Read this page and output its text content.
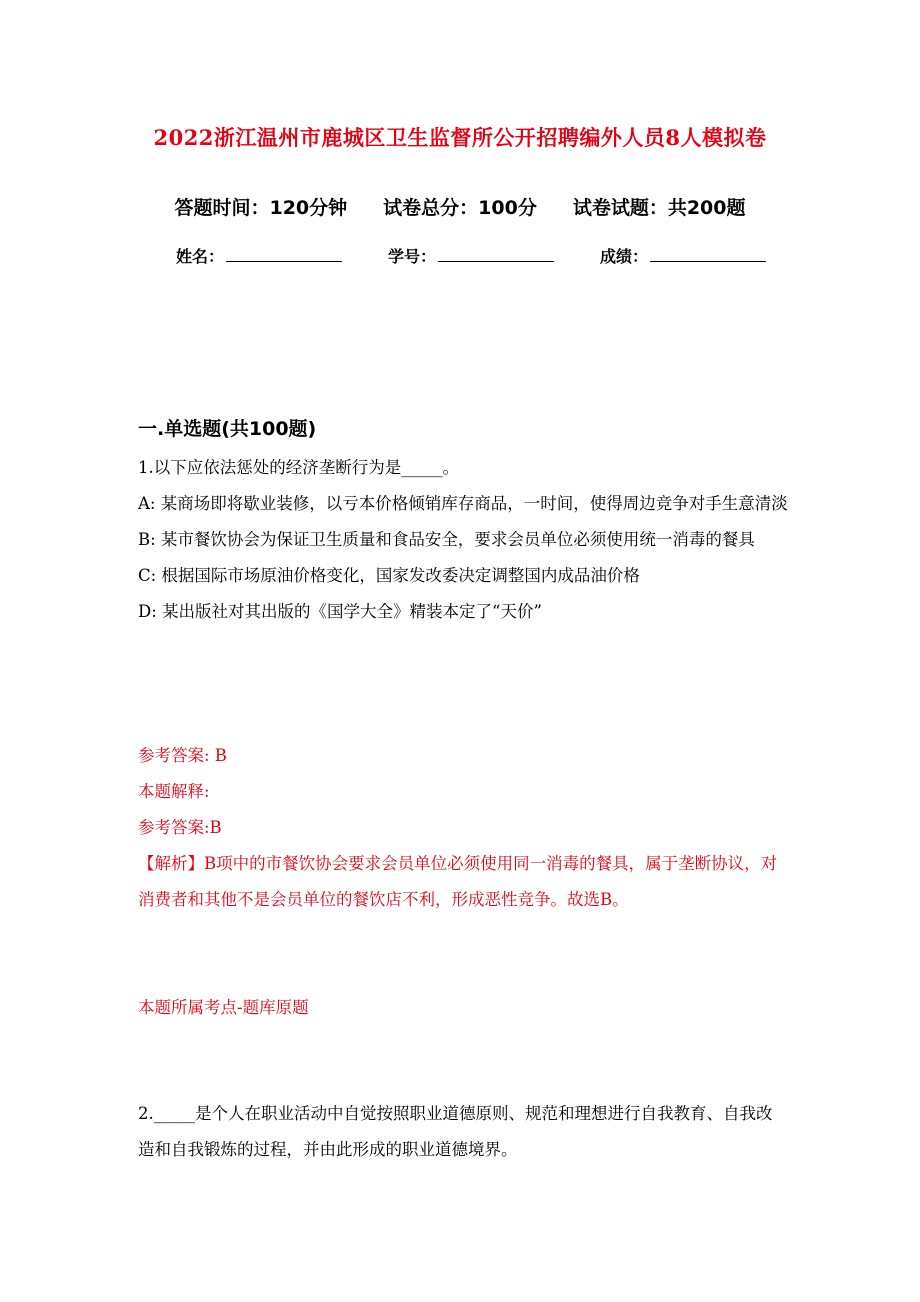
2022浙江温州市鹿城区卫生监督所公开招聘编外人员8人模拟卷
答题时间：120分钟 试卷总分：100分 试卷试题：共200题
姓名：	学号：	成绩：
一.单选题(共100题)

1.以下应依法惩处的经济垄断行为是_____。

A: 某商场即将歇业装修，以亏本价格倾销库存商品，一时间，使得周边竞争对手生意清淡

B: 某市餐饮协会为保证卫生质量和食品安全，要求会员单位必须使用统一消毒的餐具

C: 根据国际市场原油价格变化，国家发改委决定调整国内成品油价格

D: 某出版社对其出版的《国学大全》精装本定了“天价”

参考答案: B

本题解释:

参考答案:B

【解析】B项中的市餐饮协会要求会员单位必须使用同一消毒的餐具，属于垄断协议，对消费者和其他不是会员单位的餐饮店不利，形成恶性竞争。故选B。

本题所属考点-题库原题

2._____是个人在职业活动中自觉按照职业道德原则、规范和理想进行自我教育、自我改造和自我锻炼的过程，并由此形成的职业道德境界。
